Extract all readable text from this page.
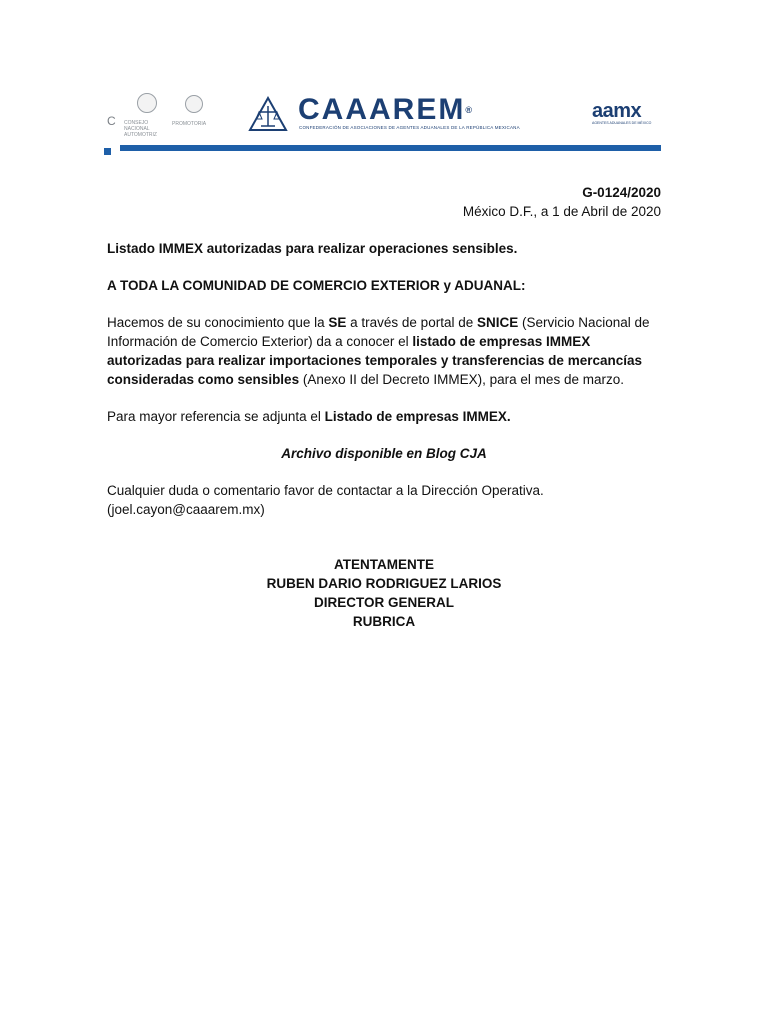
C CONSEJO NACIONAL AUTOMOTRIZ
PROMOTORIA	CAAAREM®
CONFEDERACIÓN DE ASOCIACIONES DE AGENTES ADUANALES DE LA REPÚBLICA MEXICANA
aamx
AGENTES ADUANALES DE MÉXICO

G-0124/2020

México D.F., a 1 de Abril de 2020

Listado IMMEX autorizadas para realizar operaciones sensibles.

A TODA LA COMUNIDAD DE COMERCIO EXTERIOR y ADUANAL:

Hacemos de su conocimiento que la SE a través de portal de SNICE (Servicio Nacional de Información de Comercio Exterior) da a conocer el listado de empresas IMMEX autorizadas para realizar importaciones temporales y transferencias de mercancías consideradas como sensibles (Anexo II del Decreto IMMEX), para el mes de marzo.

Para mayor referencia se adjunta el Listado de empresas IMMEX.

Archivo disponible en Blog CJA

Cualquier duda o comentario favor de contactar a la Dirección Operativa.

(joel.cayon@caaarem.mx)

ATENTAMENTE

RUBEN DARIO RODRIGUEZ LARIOS

DIRECTOR GENERAL

RUBRICA
